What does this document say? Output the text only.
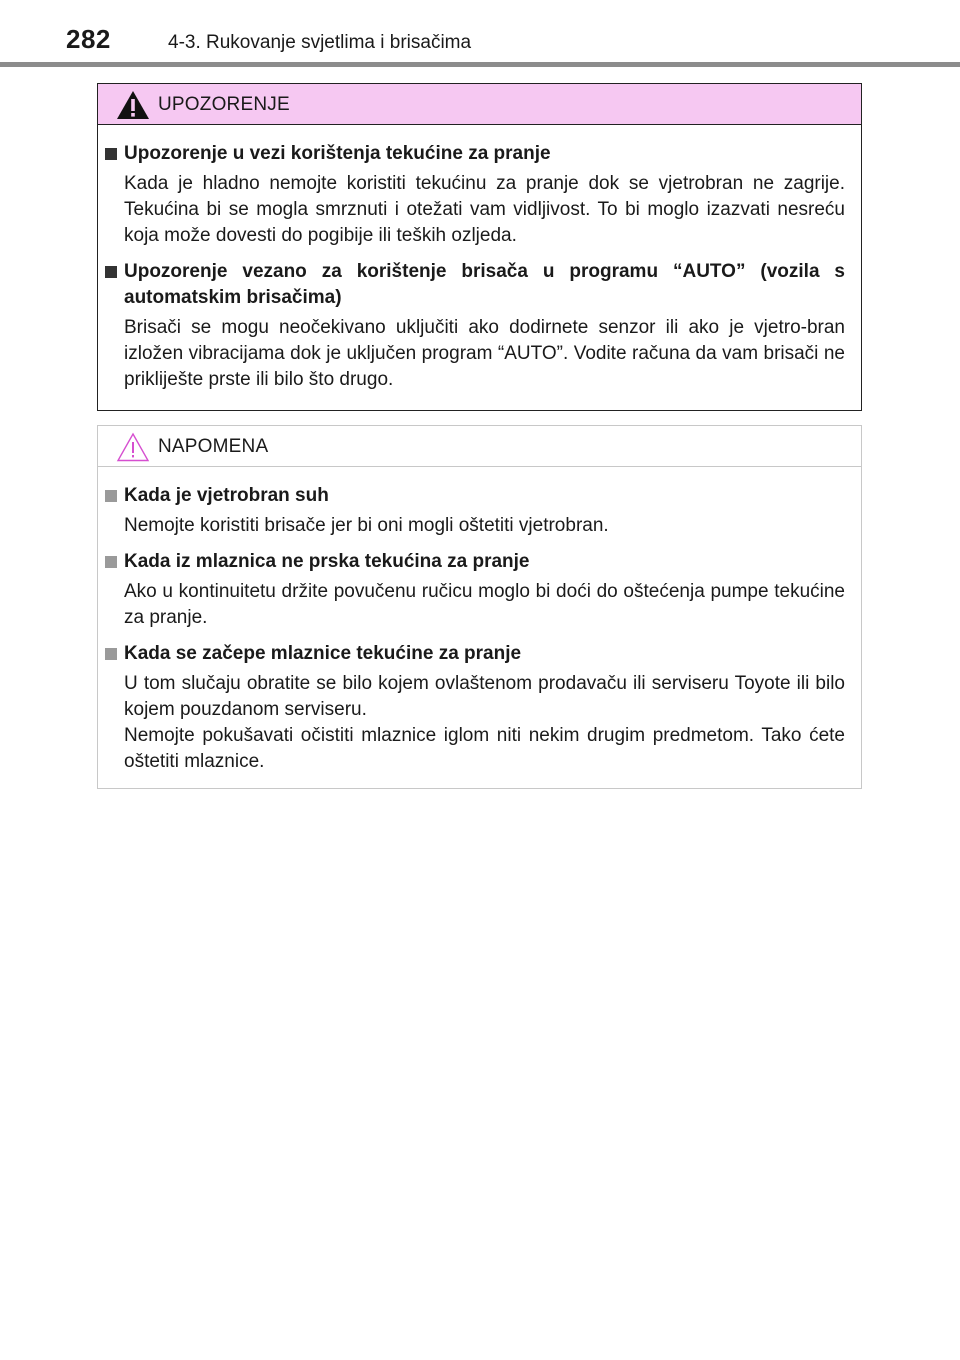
282	4-3. Rukovanje svjetlima i brisačima
UPOZORENJE
Upozorenje u vezi korištenja tekućine za pranje
Kada je hladno nemojte koristiti tekućinu za pranje dok se vjetrobran ne zagrije. Tekućina bi se mogla smrznuti i otežati vam vidljivost. To bi moglo izazvati nesreću koja može dovesti do pogibije ili teških ozljeda.
Upozorenje vezano za korištenje brisača u programu “AUTO” (vozila s automatskim brisačima)
Brisači se mogu neočekivano uključiti ako dodirnete senzor ili ako je vjetro-bran izložen vibracijama dok je uključen program “AUTO”. Vodite računa da vam brisači ne prikliješte prste ili bilo što drugo.
NAPOMENA
Kada je vjetrobran suh
Nemojte koristiti brisače jer bi oni mogli oštetiti vjetrobran.
Kada iz mlaznica ne prska tekućina za pranje
Ako u kontinuitetu držite povučenu ručicu moglo bi doći do oštećenja pumpe tekućine za pranje.
Kada se začepe mlaznice tekućine za pranje

U tom slučaju obratite se bilo kojem ovlaštenom prodavaču ili serviseru Toyote ili bilo kojem pouzdanom serviseru.

Nemojte pokušavati očistiti mlaznice iglom niti nekim drugim predmetom. Tako ćete oštetiti mlaznice.
